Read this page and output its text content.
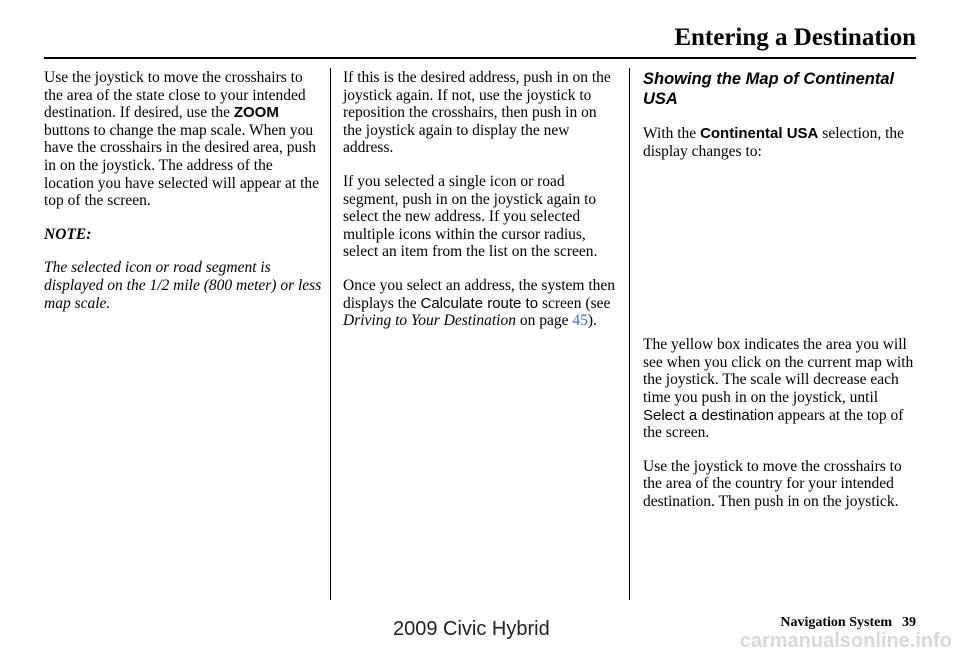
Entering a Destination

Use the joystick to move the crosshairs to the area of the state close to your intended destination. If desired, use the ZOOM buttons to change the map scale. When you have the crosshairs in the desired area, push in on the joystick. The address of the location you have selected will appear at the top of the screen.

NOTE:

The selected icon or road segment is displayed on the 1/2 mile (800 meter) or less map scale.

If this is the desired address, push in on the joystick again. If not, use the joystick to reposition the crosshairs, then push in on the joystick again to display the new address.

If you selected a single icon or road segment, push in on the joystick again to select the new address. If you selected multiple icons within the cursor radius, select an item from the list on the screen.

Once you select an address, the system then displays the Calculate route to screen (see Driving to Your Destination on page 45).

Showing the Map of Continental USA

With the Continental USA selection, the display changes to:

The yellow box indicates the area you will see when you click on the current map with the joystick. The scale will decrease each time you push in on the joystick, until Select a destination appears at the top of the screen.

Use the joystick to move the crosshairs to the area of the country for your intended destination. Then push in on the joystick.

2009 Civic Hybrid
carmanualsonline.info
Navigation System 39
